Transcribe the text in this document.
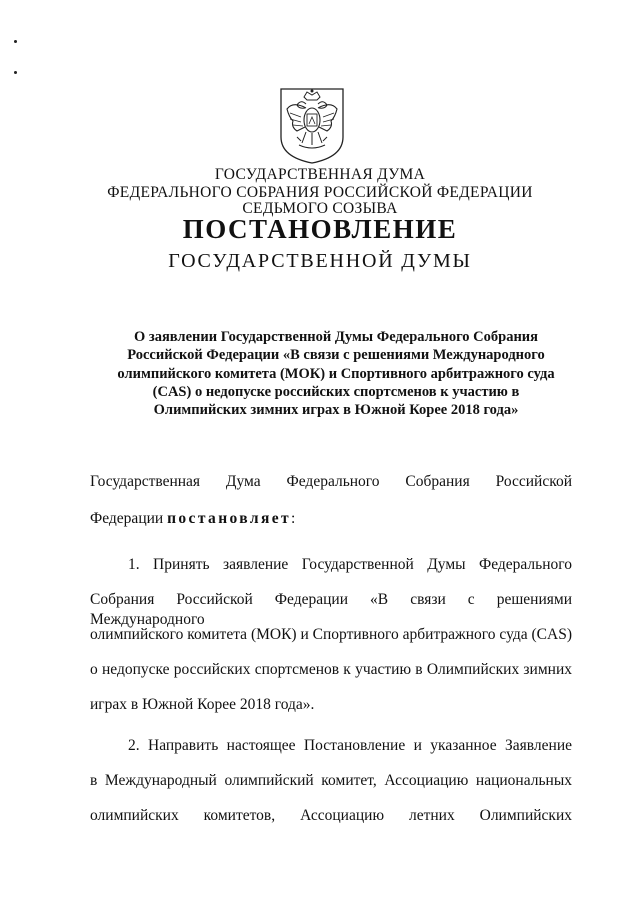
ГОСУДАРСТВЕННАЯ ДУМА
ФЕДЕРАЛЬНОГО СОБРАНИЯ РОССИЙСКОЙ ФЕДЕРАЦИИ
СЕДЬМОГО СОЗЫВА
ПОСТАНОВЛЕНИЕ
ГОСУДАРСТВЕННОЙ ДУМЫ
О заявлении Государственной Думы Федерального Собрания Российской Федерации «В связи с решениями Международного олимпийского комитета (МОК) и Спортивного арбитражного суда (CAS) о недопуске российских спортсменов к участию в Олимпийских зимних играх в Южной Корее 2018 года»
Государственная Дума Федерального Собрания Российской
Федерации постановляет:
1. Принять заявление Государственной Думы Федерального
Собрания Российской Федерации «В связи с решениями Международного
олимпийского комитета (МОК) и Спортивного арбитражного суда (CAS)
о недопуске российских спортсменов к участию в Олимпийских зимних
играх в Южной Корее 2018 года».
2. Направить настоящее Постановление и указанное Заявление
в Международный олимпийский комитет, Ассоциацию национальных
олимпийских комитетов, Ассоциацию летних Олимпийских
